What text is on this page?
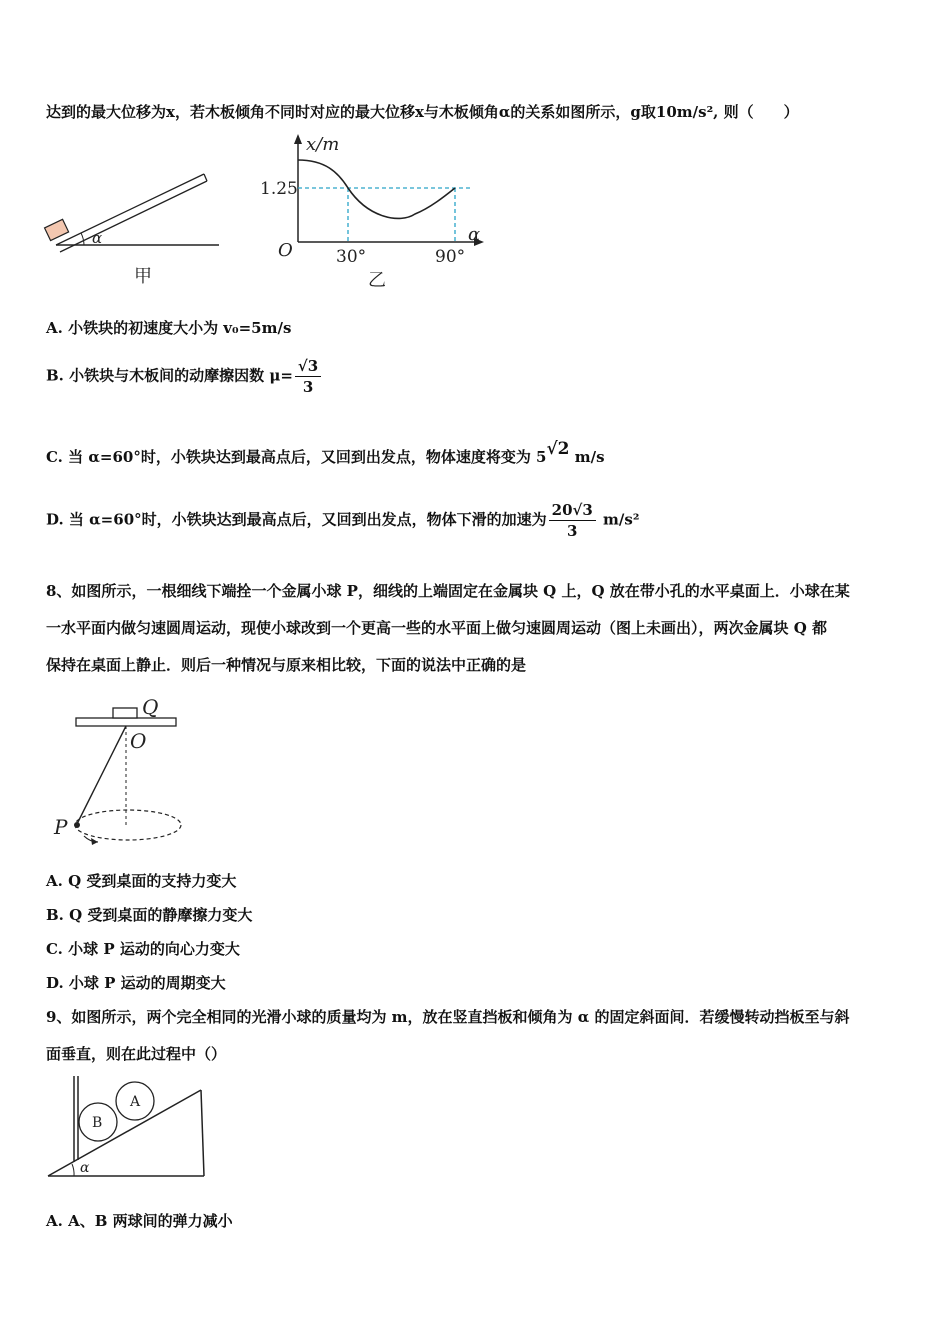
达到的最大位移为x，若木板倾角不同时对应的最大位移x与木板倾角α的关系如图所示，g取10m/s², 则（　　）
α
甲
x/m
α
O
1.25
30°	90°
乙
A. 小铁块的初速度大小为 v₀=5m/s
B. 小铁块与木板间的动摩擦因数 $\mu= \frac{√3}{3}$
C. 当 α=60°时，小铁块达到最高点后，又回到出发点，物体速度将变为 5√2 m/s
D. 当 α=60°时，小铁块达到最高点后，又回到出发点，物体下滑的加速为 $\frac{20√3}{3} m/s^2$
8、如图所示，一根细线下端拴一个金属小球 P，细线的上端固定在金属块 Q 上，Q 放在带小孔的水平桌面上．小球在某
一水平面内做匀速圆周运动，现使小球改到一个更高一些的水平面上做匀速圆周运动（图上未画出），两次金属块 Q 都
保持在桌面上静止．则后一种情况与原来相比较，下面的说法中正确的是
Q
O
P
A. Q 受到桌面的支持力变大
B. Q 受到桌面的静摩擦力变大
C. 小球 P 运动的向心力变大
D. 小球 P 运动的周期变大
9、如图所示，两个完全相同的光滑小球的质量均为 m，放在竖直挡板和倾角为 α 的固定斜面间．若缓慢转动挡板至与斜
面垂直，则在此过程中（）
B
A
α
A. A、B 两球间的弹力减小
